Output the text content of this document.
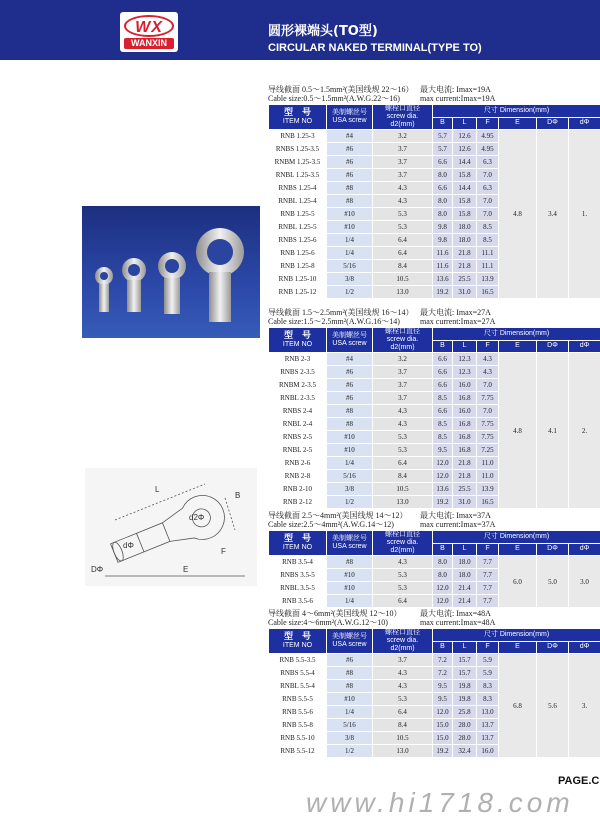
WX
WANXIN
圆形裸端头(TO型)
CIRCULAR NAKED TERMINAL(TYPE TO)
L
B
F
E
d2Φ
dΦ
DΦ
导线截面 0.5～1.5mm²(美国线规 22～16） 最大电流: Imax=19A
Cable size:0.5～1.5mm²(A.W.G.22～16)	max current:Imax=19A
型　号
ITEM NO	美制螺丝号
USA screw	螺栓口直径
screw dia.
d2(mm)	尺寸 Dimension(mm)					
			B	L	F	E	DΦ	dΦ
RNB 1.25-3	#4	3.2	5.7	12.6	4.95	4.8	3.4	1.
RNBS 1.25-3.5	#6	3.7	5.7	12.6	4.95			
RNBM 1.25-3.5	#6	3.7	6.6	14.4	6.3			
RNBL 1.25-3.5	#6	3.7	8.0	15.8	7.0			
RNBS 1.25-4	#8	4.3	6.6	14.4	6.3			
RNBL 1.25-4	#8	4.3	8.0	15.8	7.0			
RNB 1.25-5	#10	5.3	8.0	15.8	7.0			
RNBL 1.25-5	#10	5.3	9.8	18.0	8.5			
RNBS 1.25-6	1/4	6.4	9.8	18.0	8.5			
RNB 1.25-6	1/4	6.4	11.6	21.8	11.1			
RNB 1.25-8	5/16	8.4	11.6	21.8	11.1			
RNB 1.25-10	3/8	10.5	13.6	25.5	13.9			
RNB 1.25-12	1/2	13.0	19.2	31.0	16.5			
导线截面 1.5～2.5mm²(美国线规 16～14） 最大电流: Imax=27A
Cable size:1.5～2.5mm²(A.W.G.16～14)	max current:Imax=27A
型　号
ITEM NO	美制螺丝号
USA screw	螺栓口直径
screw dia.
d2(mm)	尺寸 Dimension(mm)					
			B	L	F	E	DΦ	dΦ
RNB 2-3	#4	3.2	6.6	12.3	4.3	4.8	4.1	2.
RNBS 2-3.5	#6	3.7	6.6	12.3	4.3			
RNBM 2-3.5	#6	3.7	6.6	16.0	7.0			
RNBL 2-3.5	#6	3.7	8.5	16.8	7.75			
RNBS 2-4	#8	4.3	6.6	16.0	7.0			
RNBL 2-4	#8	4.3	8.5	16.8	7.75			
RNBS 2-5	#10	5.3	8.5	16.8	7.75			
RNBL 2-5	#10	5.3	9.5	16.8	7.25			
RNB 2-6	1/4	6.4	12.0	21.8	11.0			
RNB 2-8	5/16	8.4	12.0	21.8	11.0			
RNB 2-10	3/8	10.5	13.6	25.5	13.9			
RNB 2-12	1/2	13.0	19.2	31.0	16.5			
导线截面 2.5～4mm²(美国线规 14～12） 最大电流: Imax=37A
Cable size:2.5～4mm²(A.W.G.14～12)	max current:Imax=37A
型　号
ITEM NO	美制螺丝号
USA screw	螺栓口直径
screw dia.
d2(mm)	尺寸 Dimension(mm)					
			B	L	F	E	DΦ	dΦ
RNB 3.5-4	#8	4.3	8.0	18.0	7.7	6.0	5.0	3.0
RNBS 3.5-5	#10	5.3	8.0	18.0	7.7			
RNBL 3.5-5	#10	5.3	12.0	21.4	7.7			
RNB 3.5-6	1/4	6.4	12.0	21.4	7.7			
导线截面 4～6mm²(美国线规 12～10） 最大电流: Imax=48A
Cable size:4～6mm²(A.W.G.12～10)	max current:Imax=48A
型　号
ITEM NO	美制螺丝号
USA screw	螺栓口直径
screw dia.
d2(mm)	尺寸 Dimension(mm)					
			B	L	F	E	DΦ	dΦ
RNB 5.5-3.5	#6	3.7	7.2	15.7	5.9	6.8	5.6	3.
RNBS 5.5-4	#8	4.3	7.2	15.7	5.9			
RNBL 5.5-4	#8	4.3	9.5	19.8	8.3			
RNB 5.5-5	#10	5.3	9.5	19.8	8.3			
RNB 5.5-6	1/4	6.4	12.0	25.8	13.0			
RNB 5.5-8	5/16	8.4	15.0	28.0	13.7			
RNB 5.5-10	3/8	10.5	15.0	28.0	13.7			
RNB 5.5-12	1/2	13.0	19.2	32.4	16.0			
PAGE.C
www.hi1718.com
